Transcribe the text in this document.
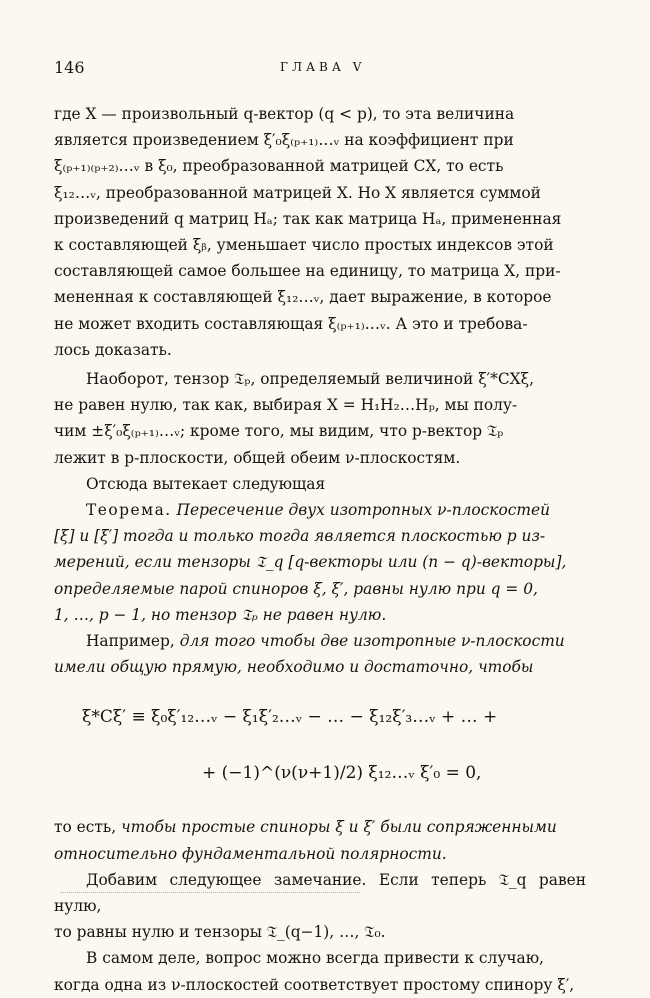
146	ГЛАВА V

где X — произвольный q-вектор (q < p), то эта величина
является произведением ξ′₀ξ₍ₚ₊₁₎…ᵥ на коэффициент при
ξ₍ₚ₊₁₎₍ₚ₊₂₎…ᵥ в ξ₀, преобразованной матрицей CX, то есть
ξ₁₂…ᵥ, преобразованной матрицей X. Но X является суммой
произведений q матриц Hₐ; так как матрица Hₐ, примененная
к составляющей ξᵦ, уменьшает число простых индексов этой
составляющей самое большее на единицу, то матрица X, при-
мененная к составляющей ξ₁₂…ᵥ, дает выражение, в которое
не может входить составляющая ξ₍ₚ₊₁₎…ᵥ. А это и требова-
лось доказать.

Наоборот, тензор 𝔗ₚ, определяемый величиной ξ′*CXξ,
не равен нулю, так как, выбирая X = H₁H₂…Hₚ, мы полу-
чим ±ξ′₀ξ₍ₚ₊₁₎…ᵥ; кроме того, мы видим, что p-вектор 𝔗ₚ
лежит в p-плоскости, общей обеим ν-плоскостям.

Отсюда вытекает следующая

Теорема. Пересечение двух изотропных ν-плоскостей
[ξ] и [ξ′] тогда и только тогда является плоскостью p из-
мерений, если тензоры 𝔗_q [q-векторы или (n − q)-векторы],
определяемые парой спиноров ξ, ξ′, равны нулю при q = 0,
1, …, p − 1, но тензор 𝔗ₚ не равен нулю.

Например, для того чтобы две изотропные ν-плоскости
имели общую прямую, необходимо и достаточно, чтобы

ξ*Cξ′ ≡ ξ₀ξ′₁₂…ᵥ − ξ₁ξ′₂…ᵥ − … − ξ₁₂ξ′₃…ᵥ + … +

+ (−1)^(ν(ν+1)/2) ξ₁₂…ᵥ ξ′₀ = 0,

то есть, чтобы простые спиноры ξ и ξ′ были сопряженными
относительно фундаментальной полярности.

Добавим следующее замечание. Если теперь 𝔗_q равен нулю,
то равны нулю и тензоры 𝔗_(q−1), …, 𝔗₀.

В самом деле, вопрос можно всегда привести к случаю,
когда одна из ν-плоскостей соответствует простому спинору ξ′,
